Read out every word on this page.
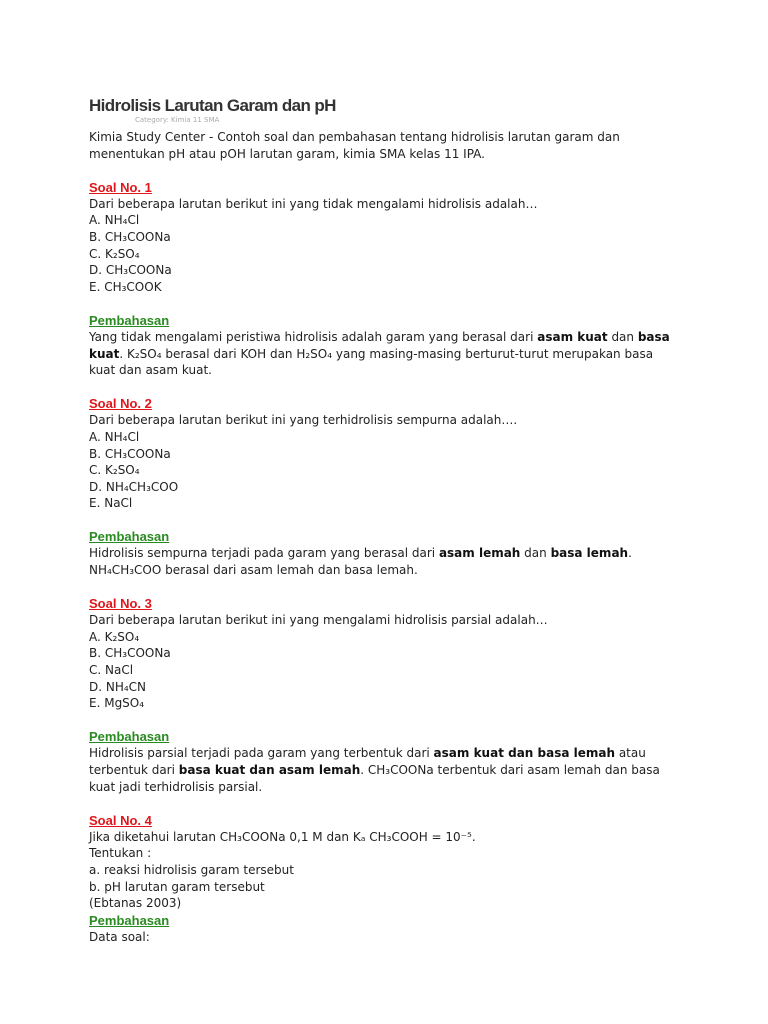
Hidrolisis Larutan Garam dan pH

Category: Kimia 11 SMA

Kimia Study Center - Contoh soal dan pembahasan tentang hidrolisis larutan garam dan

menentukan pH atau pOH larutan garam, kimia SMA kelas 11 IPA.

Soal No. 1

Dari beberapa larutan berikut ini yang tidak mengalami hidrolisis adalah…

A. NH₄Cl

B. CH₃COONa

C. K₂SO₄

D. CH₃COONa

E. CH₃COOK

Pembahasan

Yang tidak mengalami peristiwa hidrolisis adalah garam yang berasal dari asam kuat dan basa

kuat. K₂SO₄ berasal dari KOH dan H₂SO₄ yang masing-masing berturut-turut merupakan basa

kuat dan asam kuat.

Soal No. 2

Dari beberapa larutan berikut ini yang terhidrolisis sempurna adalah….

A. NH₄Cl

B. CH₃COONa

C. K₂SO₄

D. NH₄CH₃COO

E. NaCl

Pembahasan

Hidrolisis sempurna terjadi pada garam yang berasal dari asam lemah dan basa lemah.

NH₄CH₃COO berasal dari asam lemah dan basa lemah.

Soal No. 3

Dari beberapa larutan berikut ini yang mengalami hidrolisis parsial adalah…

A. K₂SO₄

B. CH₃COONa

C. NaCl

D. NH₄CN

E. MgSO₄

Pembahasan

Hidrolisis parsial terjadi pada garam yang terbentuk dari asam kuat dan basa lemah atau

terbentuk dari basa kuat dan asam lemah. CH₃COONa terbentuk dari asam lemah dan basa

kuat jadi terhidrolisis parsial.

Soal No. 4

Jika diketahui larutan CH₃COONa 0,1 M dan Kₐ CH₃COOH = 10⁻⁵.

Tentukan :

a. reaksi hidrolisis garam tersebut

b. pH larutan garam tersebut

(Ebtanas 2003)

Pembahasan

Data soal:
